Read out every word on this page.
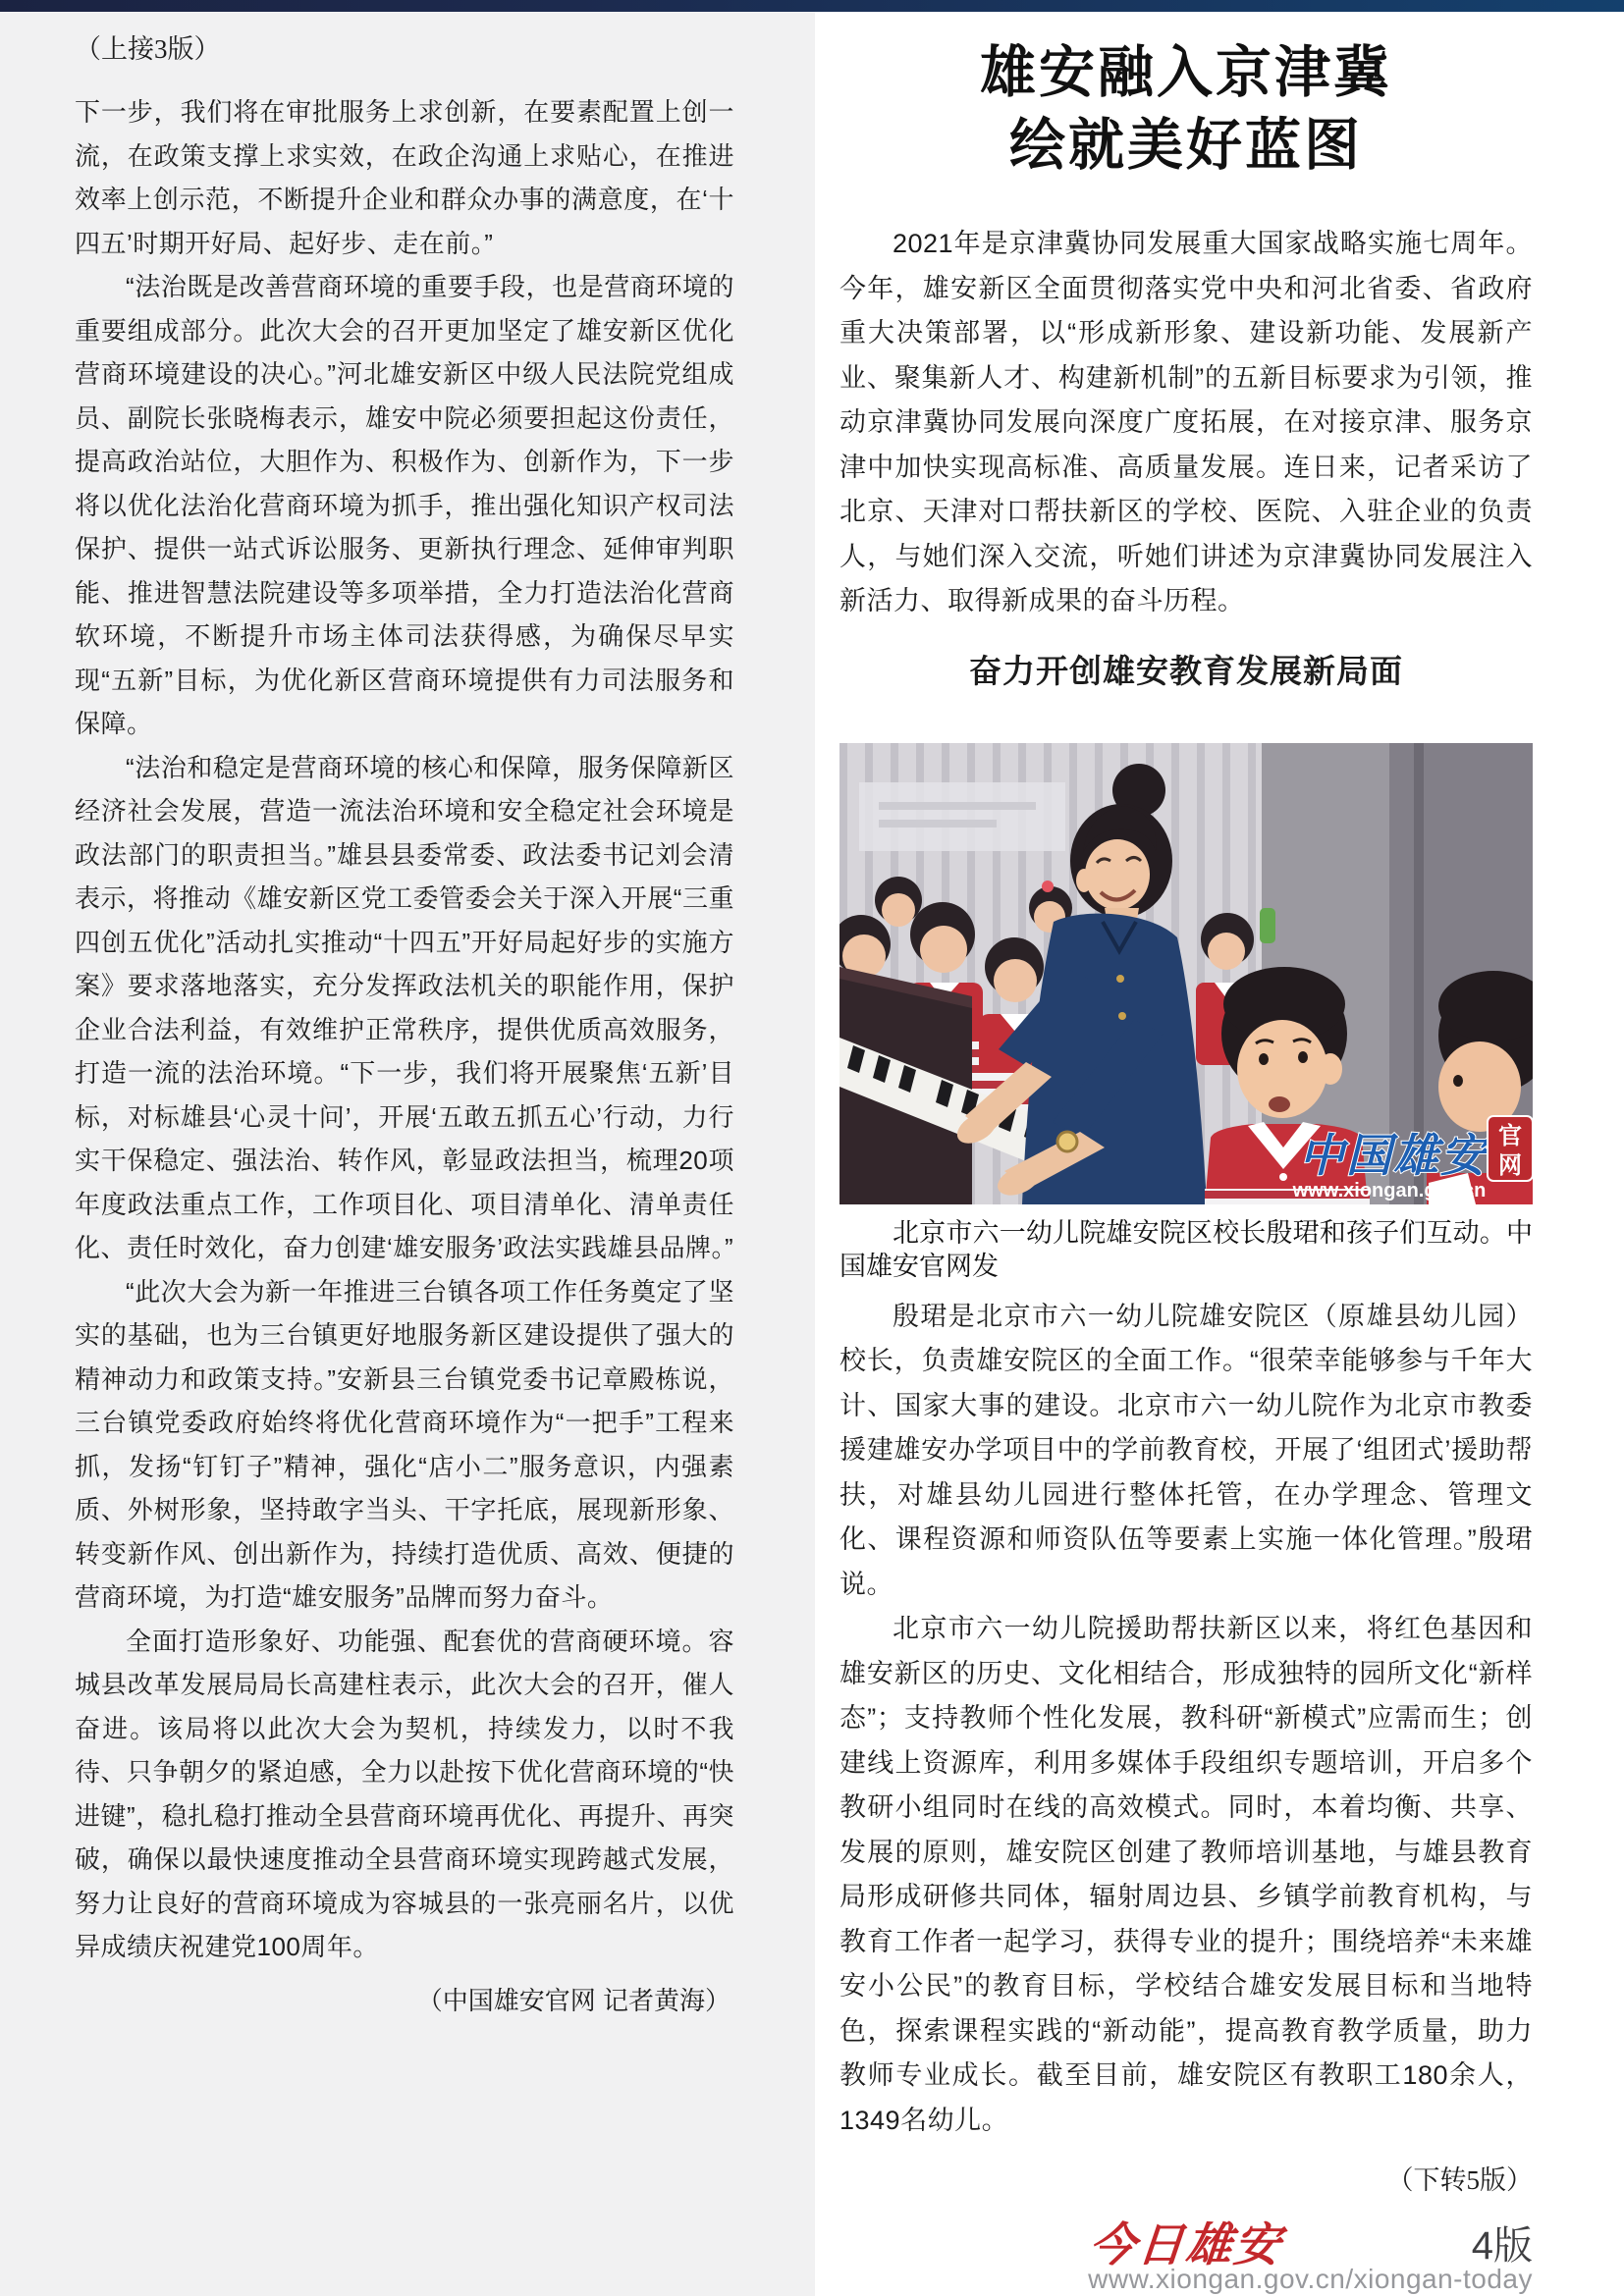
（上接3版）

下一步，我们将在审批服务上求创新，在要素配置上创一流，在政策支撑上求实效，在政企沟通上求贴心，在推进效率上创示范，不断提升企业和群众办事的满意度，在‘十四五’时期开好局、起好步、走在前。”

“法治既是改善营商环境的重要手段，也是营商环境的重要组成部分。此次大会的召开更加坚定了雄安新区优化营商环境建设的决心。”河北雄安新区中级人民法院党组成员、副院长张晓梅表示，雄安中院必须要担起这份责任，提高政治站位，大胆作为、积极作为、创新作为，下一步将以优化法治化营商环境为抓手，推出强化知识产权司法保护、提供一站式诉讼服务、更新执行理念、延伸审判职能、推进智慧法院建设等多项举措，全力打造法治化营商软环境，不断提升市场主体司法获得感，为确保尽早实现“五新”目标，为优化新区营商环境提供有力司法服务和保障。

“法治和稳定是营商环境的核心和保障，服务保障新区经济社会发展，营造一流法治环境和安全稳定社会环境是政法部门的职责担当。”雄县县委常委、政法委书记刘会清表示，将推动《雄安新区党工委管委会关于深入开展“三重四创五优化”活动扎实推动“十四五”开好局起好步的实施方案》要求落地落实，充分发挥政法机关的职能作用，保护企业合法利益，有效维护正常秩序，提供优质高效服务，打造一流的法治环境。“下一步，我们将开展聚焦‘五新’目标，对标雄县‘心灵十问’，开展‘五敢五抓五心’行动，力行实干保稳定、强法治、转作风，彰显政法担当，梳理20项年度政法重点工作，工作项目化、项目清单化、清单责任化、责任时效化，奋力创建‘雄安服务’政法实践雄县品牌。”

“此次大会为新一年推进三台镇各项工作任务奠定了坚实的基础，也为三台镇更好地服务新区建设提供了强大的精神动力和政策支持。”安新县三台镇党委书记章殿栋说，三台镇党委政府始终将优化营商环境作为“一把手”工程来抓，发扬“钉钉子”精神，强化“店小二”服务意识，内强素质、外树形象，坚持敢字当头、干字托底，展现新形象、转变新作风、创出新作为，持续打造优质、高效、便捷的营商环境，为打造“雄安服务”品牌而努力奋斗。

全面打造形象好、功能强、配套优的营商硬环境。容城县改革发展局局长高建柱表示，此次大会的召开，催人奋进。该局将以此次大会为契机，持续发力，以时不我待、只争朝夕的紧迫感，全力以赴按下优化营商环境的“快进键”，稳扎稳打推动全县营商环境再优化、再提升、再突破，确保以最快速度推动全县营商环境实现跨越式发展，努力让良好的营商环境成为容城县的一张亮丽名片，以优异成绩庆祝建党100周年。

（中国雄安官网 记者黄海）
雄安融入京津冀
绘就美好蓝图

2021年是京津冀协同发展重大国家战略实施七周年。今年，雄安新区全面贯彻落实党中央和河北省委、省政府重大决策部署，以“形成新形象、建设新功能、发展新产业、聚集新人才、构建新机制”的五新目标要求为引领，推动京津冀协同发展向深度广度拓展，在对接京津、服务京津中加快实现高标准、高质量发展。连日来，记者采访了北京、天津对口帮扶新区的学校、医院、入驻企业的负责人，与她们深入交流，听她们讲述为京津冀协同发展注入新活力、取得新成果的奋斗历程。

奋力开创雄安教育发展新局面
中国雄安 官
网
www.xiongan.gov.cn
北京市六一幼儿院雄安院区校长殷珺和孩子们互动。中国雄安官网发

殷珺是北京市六一幼儿院雄安院区（原雄县幼儿园）校长，负责雄安院区的全面工作。“很荣幸能够参与千年大计、国家大事的建设。北京市六一幼儿院作为北京市教委援建雄安办学项目中的学前教育校，开展了‘组团式’援助帮扶，对雄县幼儿园进行整体托管，在办学理念、管理文化、课程资源和师资队伍等要素上实施一体化管理。”殷珺说。

北京市六一幼儿院援助帮扶新区以来，将红色基因和雄安新区的历史、文化相结合，形成独特的园所文化“新样态”；支持教师个性化发展，教科研“新模式”应需而生；创建线上资源库，利用多媒体手段组织专题培训，开启多个教研小组同时在线的高效模式。同时，本着均衡、共享、发展的原则，雄安院区创建了教师培训基地，与雄县教育局形成研修共同体，辐射周边县、乡镇学前教育机构，与教育工作者一起学习，获得专业的提升；围绕培养“未来雄安小公民”的教育目标，学校结合雄安发展目标和当地特色，探索课程实践的“新动能”，提高教育教学质量，助力教师专业成长。截至目前，雄安院区有教职工180余人，1349名幼儿。

（下转5版）
今日雄安	4版
www.xiongan.gov.cn/xiongan-today
